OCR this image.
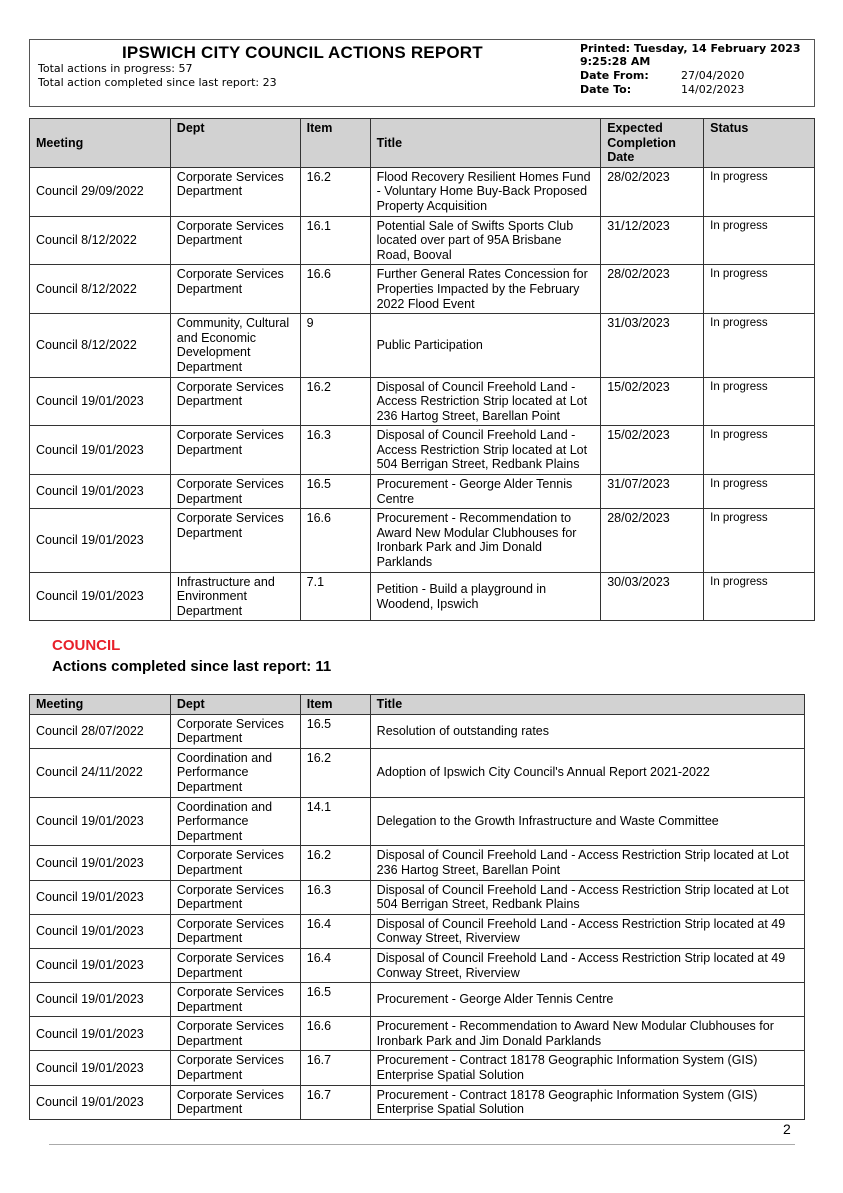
IPSWICH CITY COUNCIL ACTIONS REPORT
Total actions in progress: 57
Total action completed since last report: 23
Printed: Tuesday, 14 February 2023
9:25:28 AM
Date From:	27/04/2020
Date To:	14/02/2023
Meeting	Dept	Item	Title	Expected Completion Date	Status
Council 29/09/2022	Corporate Services Department	16.2	Flood Recovery Resilient Homes Fund - Voluntary Home Buy-Back Proposed Property Acquisition	28/02/2023	In progress
Council 8/12/2022	Corporate Services Department	16.1	Potential Sale of Swifts Sports Club located over part of 95A Brisbane Road, Booval	31/12/2023	In progress
Council 8/12/2022	Corporate Services Department	16.6	Further General Rates Concession for Properties Impacted by the February 2022 Flood Event	28/02/2023	In progress
Council 8/12/2022	Community, Cultural and Economic Development Department	9	Public Participation	31/03/2023	In progress
Council 19/01/2023	Corporate Services Department	16.2	Disposal of Council Freehold Land - Access Restriction Strip located at Lot 236 Hartog Street, Barellan Point	15/02/2023	In progress
Council 19/01/2023	Corporate Services Department	16.3	Disposal of Council Freehold Land - Access Restriction Strip located at Lot 504 Berrigan Street, Redbank Plains	15/02/2023	In progress
Council 19/01/2023	Corporate Services Department	16.5	Procurement - George Alder Tennis Centre	31/07/2023	In progress
Council 19/01/2023	Corporate Services Department	16.6	Procurement - Recommendation to Award New Modular Clubhouses for Ironbark Park and Jim Donald Parklands	28/02/2023	In progress
Council 19/01/2023	Infrastructure and Environment Department	7.1	Petition - Build a playground in Woodend, Ipswich	30/03/2023	In progress
COUNCIL
Actions completed since last report: 11
Meeting	Dept	Item	Title
Council 28/07/2022	Corporate Services Department	16.5	Resolution of outstanding rates
Council 24/11/2022	Coordination and Performance Department	16.2	Adoption of Ipswich City Council's Annual Report 2021-2022
Council 19/01/2023	Coordination and Performance Department	14.1	Delegation to the Growth Infrastructure and Waste Committee
Council 19/01/2023	Corporate Services Department	16.2	Disposal of Council Freehold Land - Access Restriction Strip located at Lot 236 Hartog Street, Barellan Point
Council 19/01/2023	Corporate Services Department	16.3	Disposal of Council Freehold Land - Access Restriction Strip located at Lot 504 Berrigan Street, Redbank Plains
Council 19/01/2023	Corporate Services Department	16.4	Disposal of Council Freehold Land - Access Restriction Strip located at 49 Conway Street, Riverview
Council 19/01/2023	Corporate Services Department	16.4	Disposal of Council Freehold Land - Access Restriction Strip located at 49 Conway Street, Riverview
Council 19/01/2023	Corporate Services Department	16.5	Procurement - George Alder Tennis Centre
Council 19/01/2023	Corporate Services Department	16.6	Procurement - Recommendation to Award New Modular Clubhouses for Ironbark Park and Jim Donald Parklands
Council 19/01/2023	Corporate Services Department	16.7	Procurement - Contract 18178 Geographic Information System (GIS) Enterprise Spatial Solution
Council 19/01/2023	Corporate Services Department	16.7	Procurement - Contract 18178 Geographic Information System (GIS) Enterprise Spatial Solution
2
